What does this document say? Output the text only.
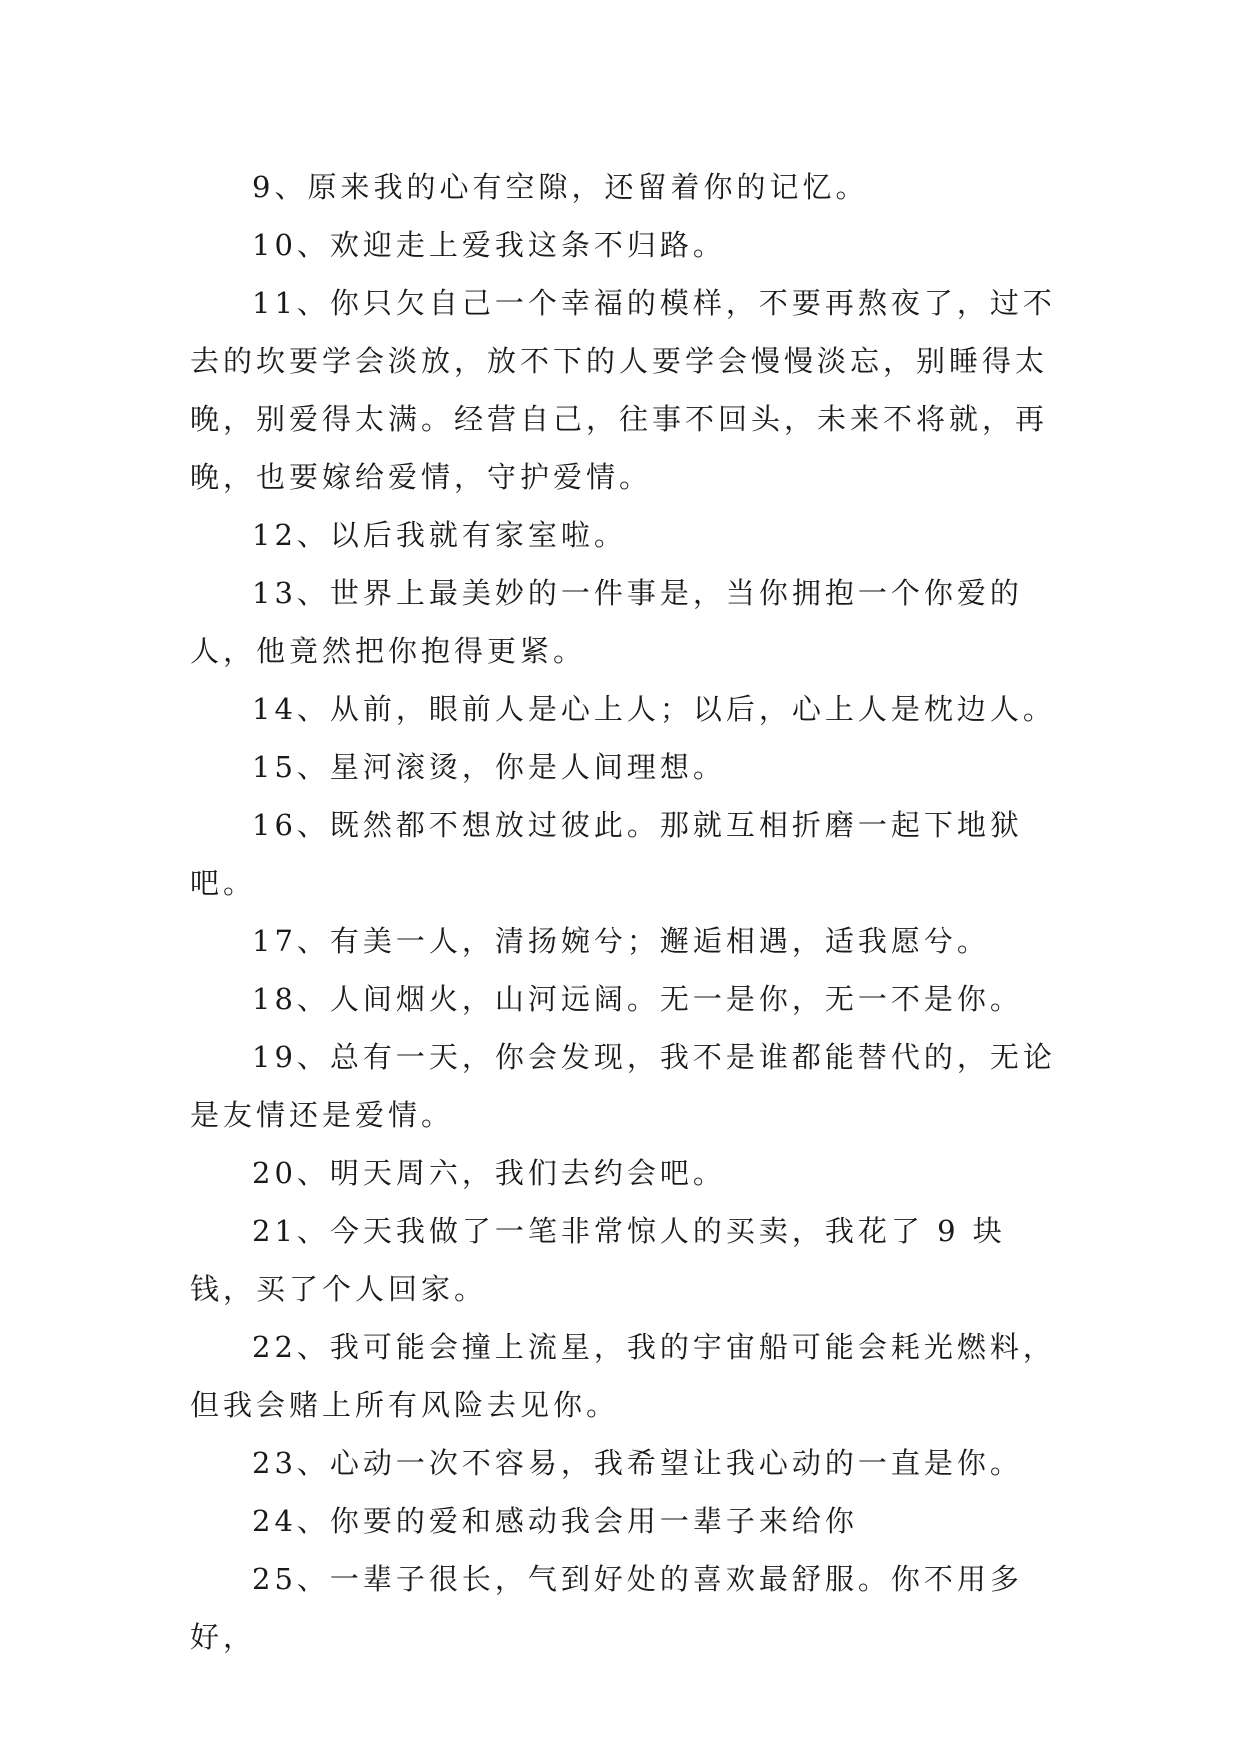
9、原来我的心有空隙，还留着你的记忆。

10、欢迎走上爱我这条不归路。

11、你只欠自己一个幸福的模样，不要再熬夜了，过不去的坎要学会淡放，放不下的人要学会慢慢淡忘，别睡得太晚，别爱得太满。经营自己，往事不回头，未来不将就，再晚，也要嫁给爱情，守护爱情。

12、以后我就有家室啦。

13、世界上最美妙的一件事是，当你拥抱一个你爱的人，他竟然把你抱得更紧。

14、从前，眼前人是心上人；以后，心上人是枕边人。

15、星河滚烫，你是人间理想。

16、既然都不想放过彼此。那就互相折磨一起下地狱吧。

17、有美一人，清扬婉兮；邂逅相遇，适我愿兮。

18、人间烟火，山河远阔。无一是你，无一不是你。

19、总有一天，你会发现，我不是谁都能替代的，无论是友情还是爱情。

20、明天周六，我们去约会吧。

21、今天我做了一笔非常惊人的买卖，我花了 9 块钱，买了个人回家。

22、我可能会撞上流星，我的宇宙船可能会耗光燃料，但我会赌上所有风险去见你。

23、心动一次不容易，我希望让我心动的一直是你。

24、你要的爱和感动我会用一辈子来给你

25、一辈子很长，气到好处的喜欢最舒服。你不用多好，
